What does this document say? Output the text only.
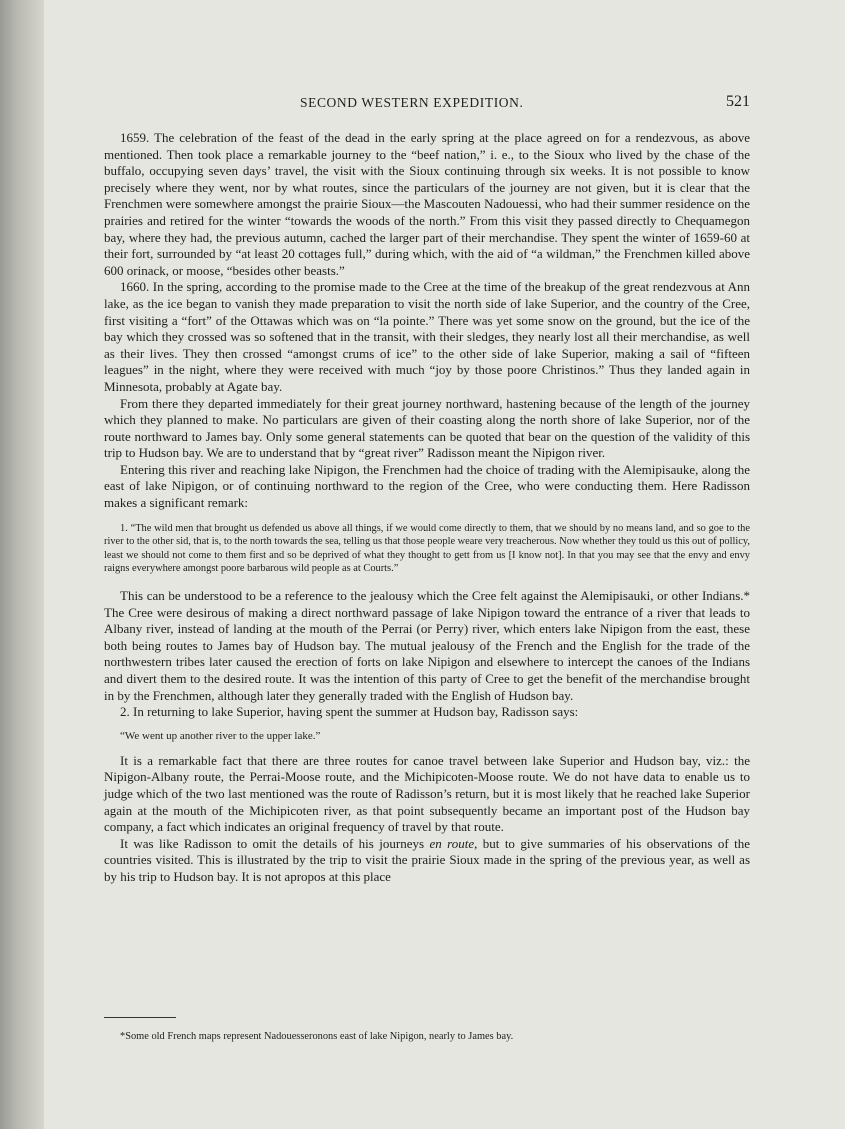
SECOND WESTERN EXPEDITION.	521

1659. The celebration of the feast of the dead in the early spring at the place agreed on for a rendezvous, as above mentioned. Then took place a remarkable journey to the “beef nation,” i. e., to the Sioux who lived by the chase of the buffalo, occupying seven days’ travel, the visit with the Sioux continuing through six weeks. It is not possible to know precisely where they went, nor by what routes, since the particulars of the journey are not given, but it is clear that the Frenchmen were somewhere amongst the prairie Sioux—the Mascouten Nadouessi, who had their summer residence on the prairies and retired for the winter “towards the woods of the north.” From this visit they passed directly to Chequamegon bay, where they had, the previous autumn, cached the larger part of their merchandise. They spent the winter of 1659-60 at their fort, surrounded by “at least 20 cottages full,” during which, with the aid of “a wildman,” the Frenchmen killed above 600 orinack, or moose, “besides other beasts.”

1660. In the spring, according to the promise made to the Cree at the time of the breakup of the great rendezvous at Ann lake, as the ice began to vanish they made preparation to visit the north side of lake Superior, and the country of the Cree, first visiting a “fort” of the Ottawas which was on “la pointe.” There was yet some snow on the ground, but the ice of the bay which they crossed was so softened that in the transit, with their sledges, they nearly lost all their merchandise, as well as their lives. They then crossed “amongst crums of ice” to the other side of lake Superior, making a sail of “fifteen leagues” in the night, where they were received with much “joy by those poore Christinos.” Thus they landed again in Minnesota, probably at Agate bay.

From there they departed immediately for their great journey northward, hastening because of the length of the journey which they planned to make. No particulars are given of their coasting along the north shore of lake Superior, nor of the route northward to James bay. Only some general statements can be quoted that bear on the question of the validity of this trip to Hudson bay. We are to understand that by “great river” Radisson meant the Nipigon river.

Entering this river and reaching lake Nipigon, the Frenchmen had the choice of trading with the Alemipisauke, along the east of lake Nipigon, or of continuing northward to the region of the Cree, who were conducting them. Here Radisson makes a significant remark:

1. “The wild men that brought us defended us above all things, if we would come directly to them, that we should by no means land, and so goe to the river to the other sid, that is, to the north towards the sea, telling us that those people weare very treacherous. Now whether they tould us this out of pollicy, least we should not come to them first and so be deprived of what they thought to gett from us [I know not]. In that you may see that the envy and envy raigns everywhere amongst poore barbarous wild people as at Courts.”

This can be understood to be a reference to the jealousy which the Cree felt against the Alemipisauki, or other Indians.* The Cree were desirous of making a direct northward passage of lake Nipigon toward the entrance of a river that leads to Albany river, instead of landing at the mouth of the Perrai (or Perry) river, which enters lake Nipigon from the east, these both being routes to James bay of Hudson bay. The mutual jealousy of the French and the English for the trade of the northwestern tribes later caused the erection of forts on lake Nipigon and elsewhere to intercept the canoes of the Indians and divert them to the desired route. It was the intention of this party of Cree to get the benefit of the merchandise brought in by the Frenchmen, although later they generally traded with the English of Hudson bay.

2. In returning to lake Superior, having spent the summer at Hudson bay, Radisson says:

“We went up another river to the upper lake.”

It is a remarkable fact that there are three routes for canoe travel between lake Superior and Hudson bay, viz.: the Nipigon-Albany route, the Perrai-Moose route, and the Michipicoten-Moose route. We do not have data to enable us to judge which of the two last mentioned was the route of Radisson’s return, but it is most likely that he reached lake Superior again at the mouth of the Michipicoten river, as that point subsequently became an important post of the Hudson bay company, a fact which indicates an original frequency of travel by that route.

It was like Radisson to omit the details of his journeys en route, but to give summaries of his observations of the countries visited. This is illustrated by the trip to visit the prairie Sioux made in the spring of the previous year, as well as by his trip to Hudson bay. It is not apropos at this place

*Some old French maps represent Nadouesseronons east of lake Nipigon, nearly to James bay.
